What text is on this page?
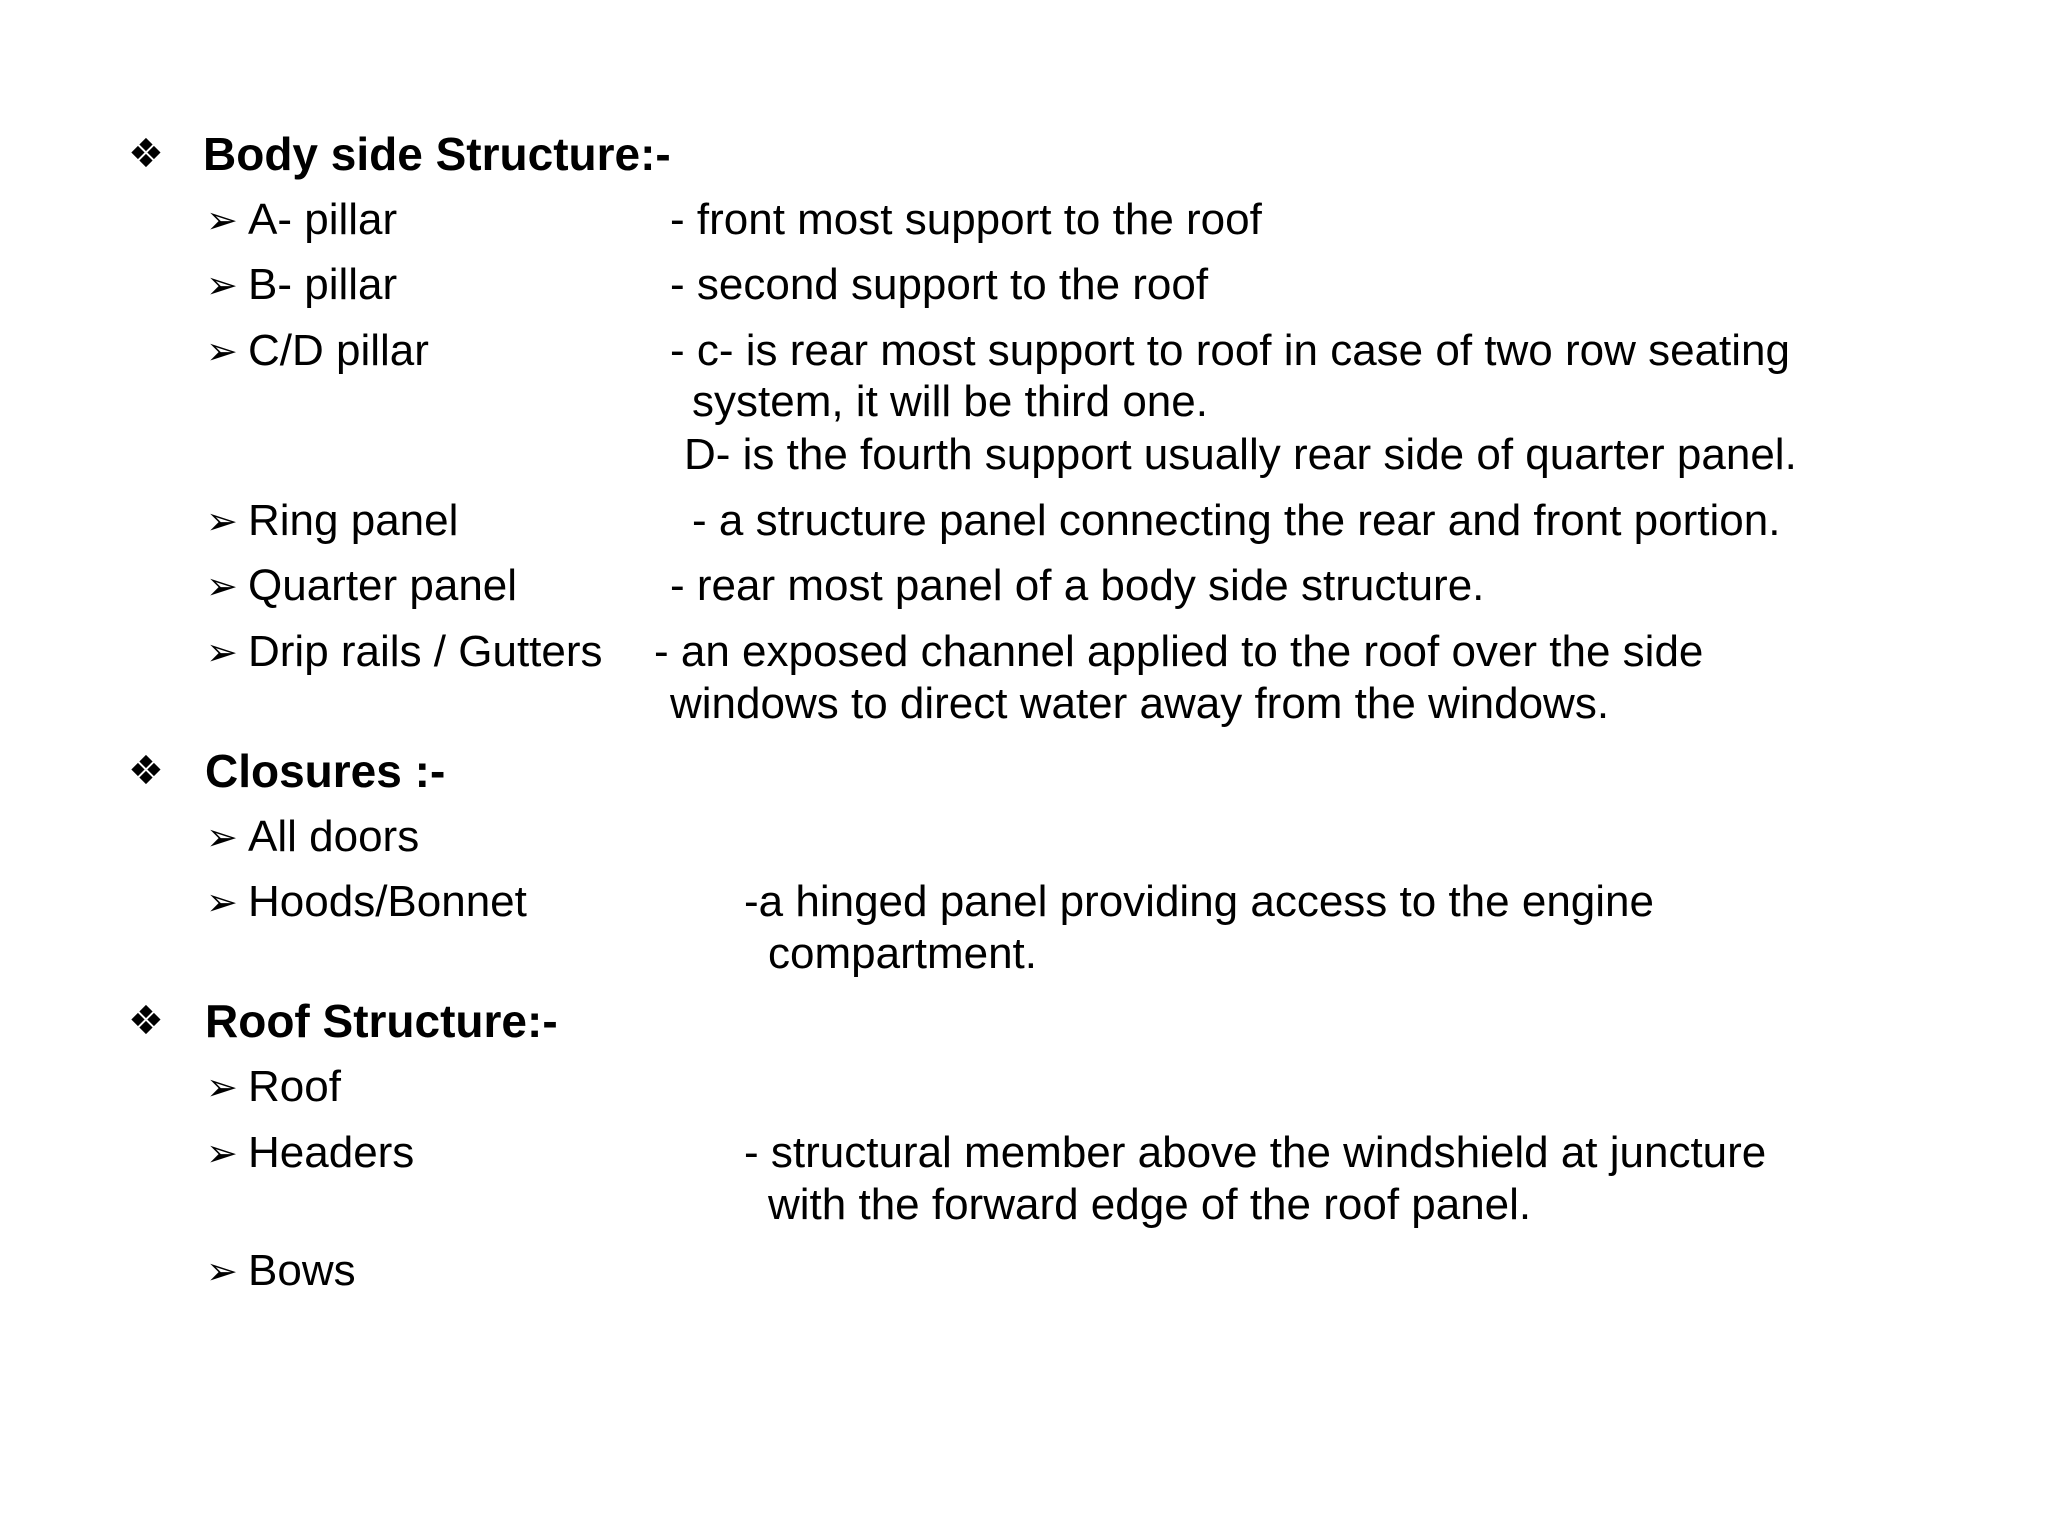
❖ Body side Structure:-
➢ A- pillar	- front most support to the roof
➢ B- pillar	- second support to the roof
➢ C/D pillar	- c- is rear most support to roof in case of two row seating
system, it will be third one.
D- is the fourth support usually rear side of quarter panel.
➢ Ring panel	- a structure panel connecting the rear and front portion.
➢ Quarter panel	- rear most panel of a body side structure.
➢ Drip rails / Gutters - an exposed channel applied to the roof over the side
windows to direct water away from the windows.
❖ Closures :-
➢ All doors
➢ Hoods/Bonnet	-a hinged panel providing access to the engine
compartment.
❖ Roof Structure:-
➢ Roof
➢ Headers	- structural member above the windshield at juncture
with the forward edge of the roof panel.
➢ Bows
